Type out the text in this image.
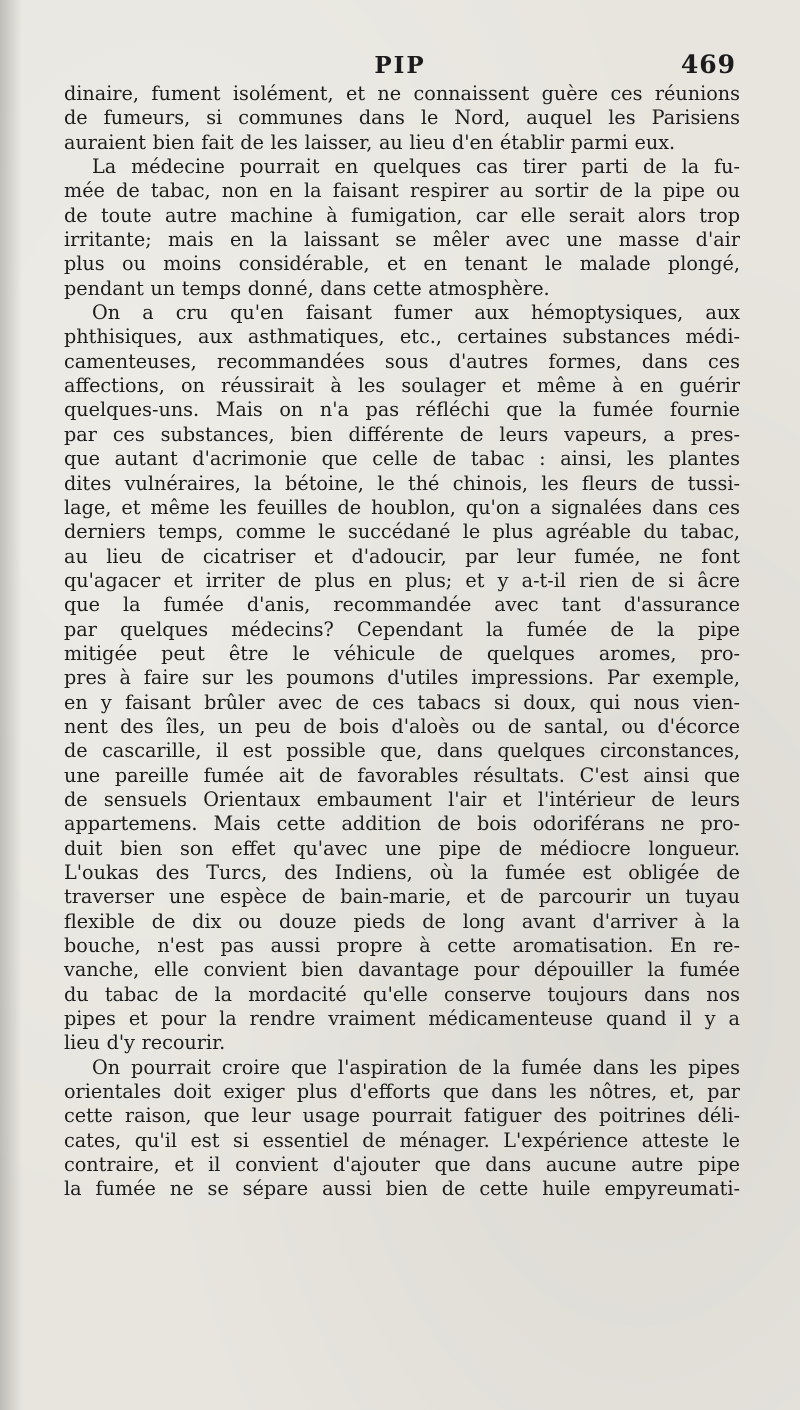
PIP	469
dinaire, fument isolément, et ne connaissent guère ces réunions
de fumeurs, si communes dans le Nord, auquel les Parisiens
auraient bien fait de les laisser, au lieu d'en établir parmi eux.
La médecine pourrait en quelques cas tirer parti de la fu-
mée de tabac, non en la faisant respirer au sortir de la pipe ou
de toute autre machine à fumigation, car elle serait alors trop
irritante; mais en la laissant se mêler avec une masse d'air
plus ou moins considérable, et en tenant le malade plongé,
pendant un temps donné, dans cette atmosphère.
On a cru qu'en faisant fumer aux hémoptysiques, aux
phthisiques, aux asthmatiques, etc., certaines substances médi-
camenteuses, recommandées sous d'autres formes, dans ces
affections, on réussirait à les soulager et même à en guérir
quelques-uns. Mais on n'a pas réfléchi que la fumée fournie
par ces substances, bien différente de leurs vapeurs, a pres-
que autant d'acrimonie que celle de tabac : ainsi, les plantes
dites vulnéraires, la bétoine, le thé chinois, les fleurs de tussi-
lage, et même les feuilles de houblon, qu'on a signalées dans ces
derniers temps, comme le succédané le plus agréable du tabac,
au lieu de cicatriser et d'adoucir, par leur fumée, ne font
qu'agacer et irriter de plus en plus; et y a-t-il rien de si âcre
que la fumée d'anis, recommandée avec tant d'assurance
par quelques médecins? Cependant la fumée de la pipe
mitigée peut être le véhicule de quelques aromes, pro-
pres à faire sur les poumons d'utiles impressions. Par exemple,
en y faisant brûler avec de ces tabacs si doux, qui nous vien-
nent des îles, un peu de bois d'aloès ou de santal, ou d'écorce
de cascarille, il est possible que, dans quelques circonstances,
une pareille fumée ait de favorables résultats. C'est ainsi que
de sensuels Orientaux embaument l'air et l'intérieur de leurs
appartemens. Mais cette addition de bois odoriférans ne pro-
duit bien son effet qu'avec une pipe de médiocre longueur.
L'oukas des Turcs, des Indiens, où la fumée est obligée de
traverser une espèce de bain-marie, et de parcourir un tuyau
flexible de dix ou douze pieds de long avant d'arriver à la
bouche, n'est pas aussi propre à cette aromatisation. En re-
vanche, elle convient bien davantage pour dépouiller la fumée
du tabac de la mordacité qu'elle conserve toujours dans nos
pipes et pour la rendre vraiment médicamenteuse quand il y a
lieu d'y recourir.
On pourrait croire que l'aspiration de la fumée dans les pipes
orientales doit exiger plus d'efforts que dans les nôtres, et, par
cette raison, que leur usage pourrait fatiguer des poitrines déli-
cates, qu'il est si essentiel de ménager. L'expérience atteste le
contraire, et il convient d'ajouter que dans aucune autre pipe
la fumée ne se sépare aussi bien de cette huile empyreumati-
